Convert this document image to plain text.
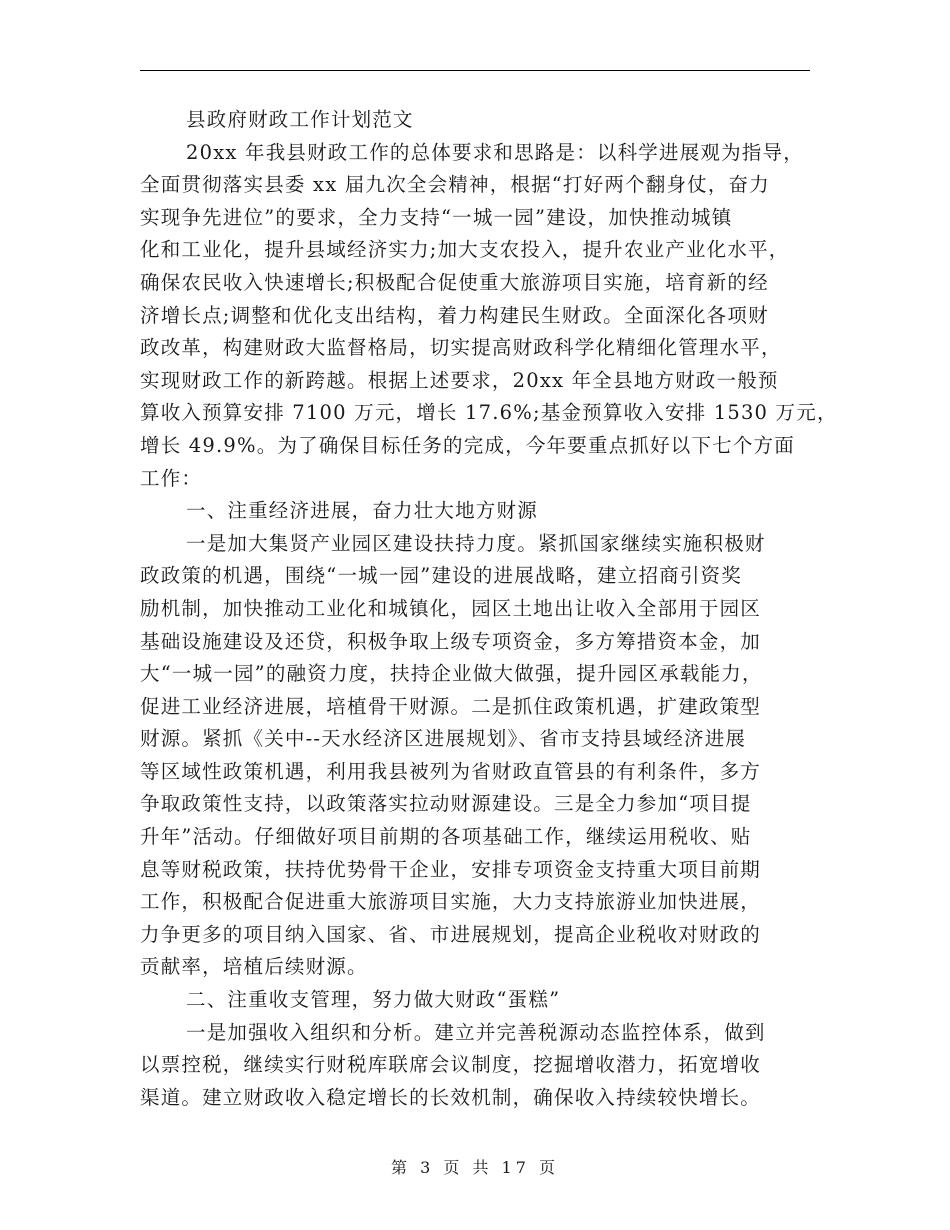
县政府财政工作计划范文
20xx 年我县财政工作的总体要求和思路是：以科学进展观为指导，
全面贯彻落实县委 xx 届九次全会精神，根据“打好两个翻身仗，奋力
实现争先进位”的要求，全力支持“一城一园”建设，加快推动城镇
化和工业化，提升县域经济实力;加大支农投入，提升农业产业化水平，
确保农民收入快速增长;积极配合促使重大旅游项目实施，培育新的经
济增长点;调整和优化支出结构，着力构建民生财政。全面深化各项财
政改革，构建财政大监督格局，切实提高财政科学化精细化管理水平，
实现财政工作的新跨越。根据上述要求，20xx 年全县地方财政一般预
算收入预算安排 7100 万元，增长 17.6%;基金预算收入安排 1530 万元，
增长 49.9%。为了确保目标任务的完成，今年要重点抓好以下七个方面
工作：
一、注重经济进展，奋力壮大地方财源
一是加大集贤产业园区建设扶持力度。紧抓国家继续实施积极财
政政策的机遇，围绕“一城一园”建设的进展战略，建立招商引资奖
励机制，加快推动工业化和城镇化，园区土地出让收入全部用于园区
基础设施建设及还贷，积极争取上级专项资金，多方筹措资本金，加
大“一城一园”的融资力度，扶持企业做大做强，提升园区承载能力，
促进工业经济进展，培植骨干财源。二是抓住政策机遇，扩建政策型
财源。紧抓《关中--天水经济区进展规划》、省市支持县域经济进展
等区域性政策机遇，利用我县被列为省财政直管县的有利条件，多方
争取政策性支持，以政策落实拉动财源建设。三是全力参加“项目提
升年”活动。仔细做好项目前期的各项基础工作，继续运用税收、贴
息等财税政策，扶持优势骨干企业，安排专项资金支持重大项目前期
工作，积极配合促进重大旅游项目实施，大力支持旅游业加快进展，
力争更多的项目纳入国家、省、市进展规划，提高企业税收对财政的
贡献率，培植后续财源。
二、注重收支管理，努力做大财政“蛋糕”
一是加强收入组织和分析。建立并完善税源动态监控体系，做到
以票控税，继续实行财税库联席会议制度，挖掘增收潜力，拓宽增收
渠道。建立财政收入稳定增长的长效机制，确保收入持续较快增长。
第 3 页 共 17 页
